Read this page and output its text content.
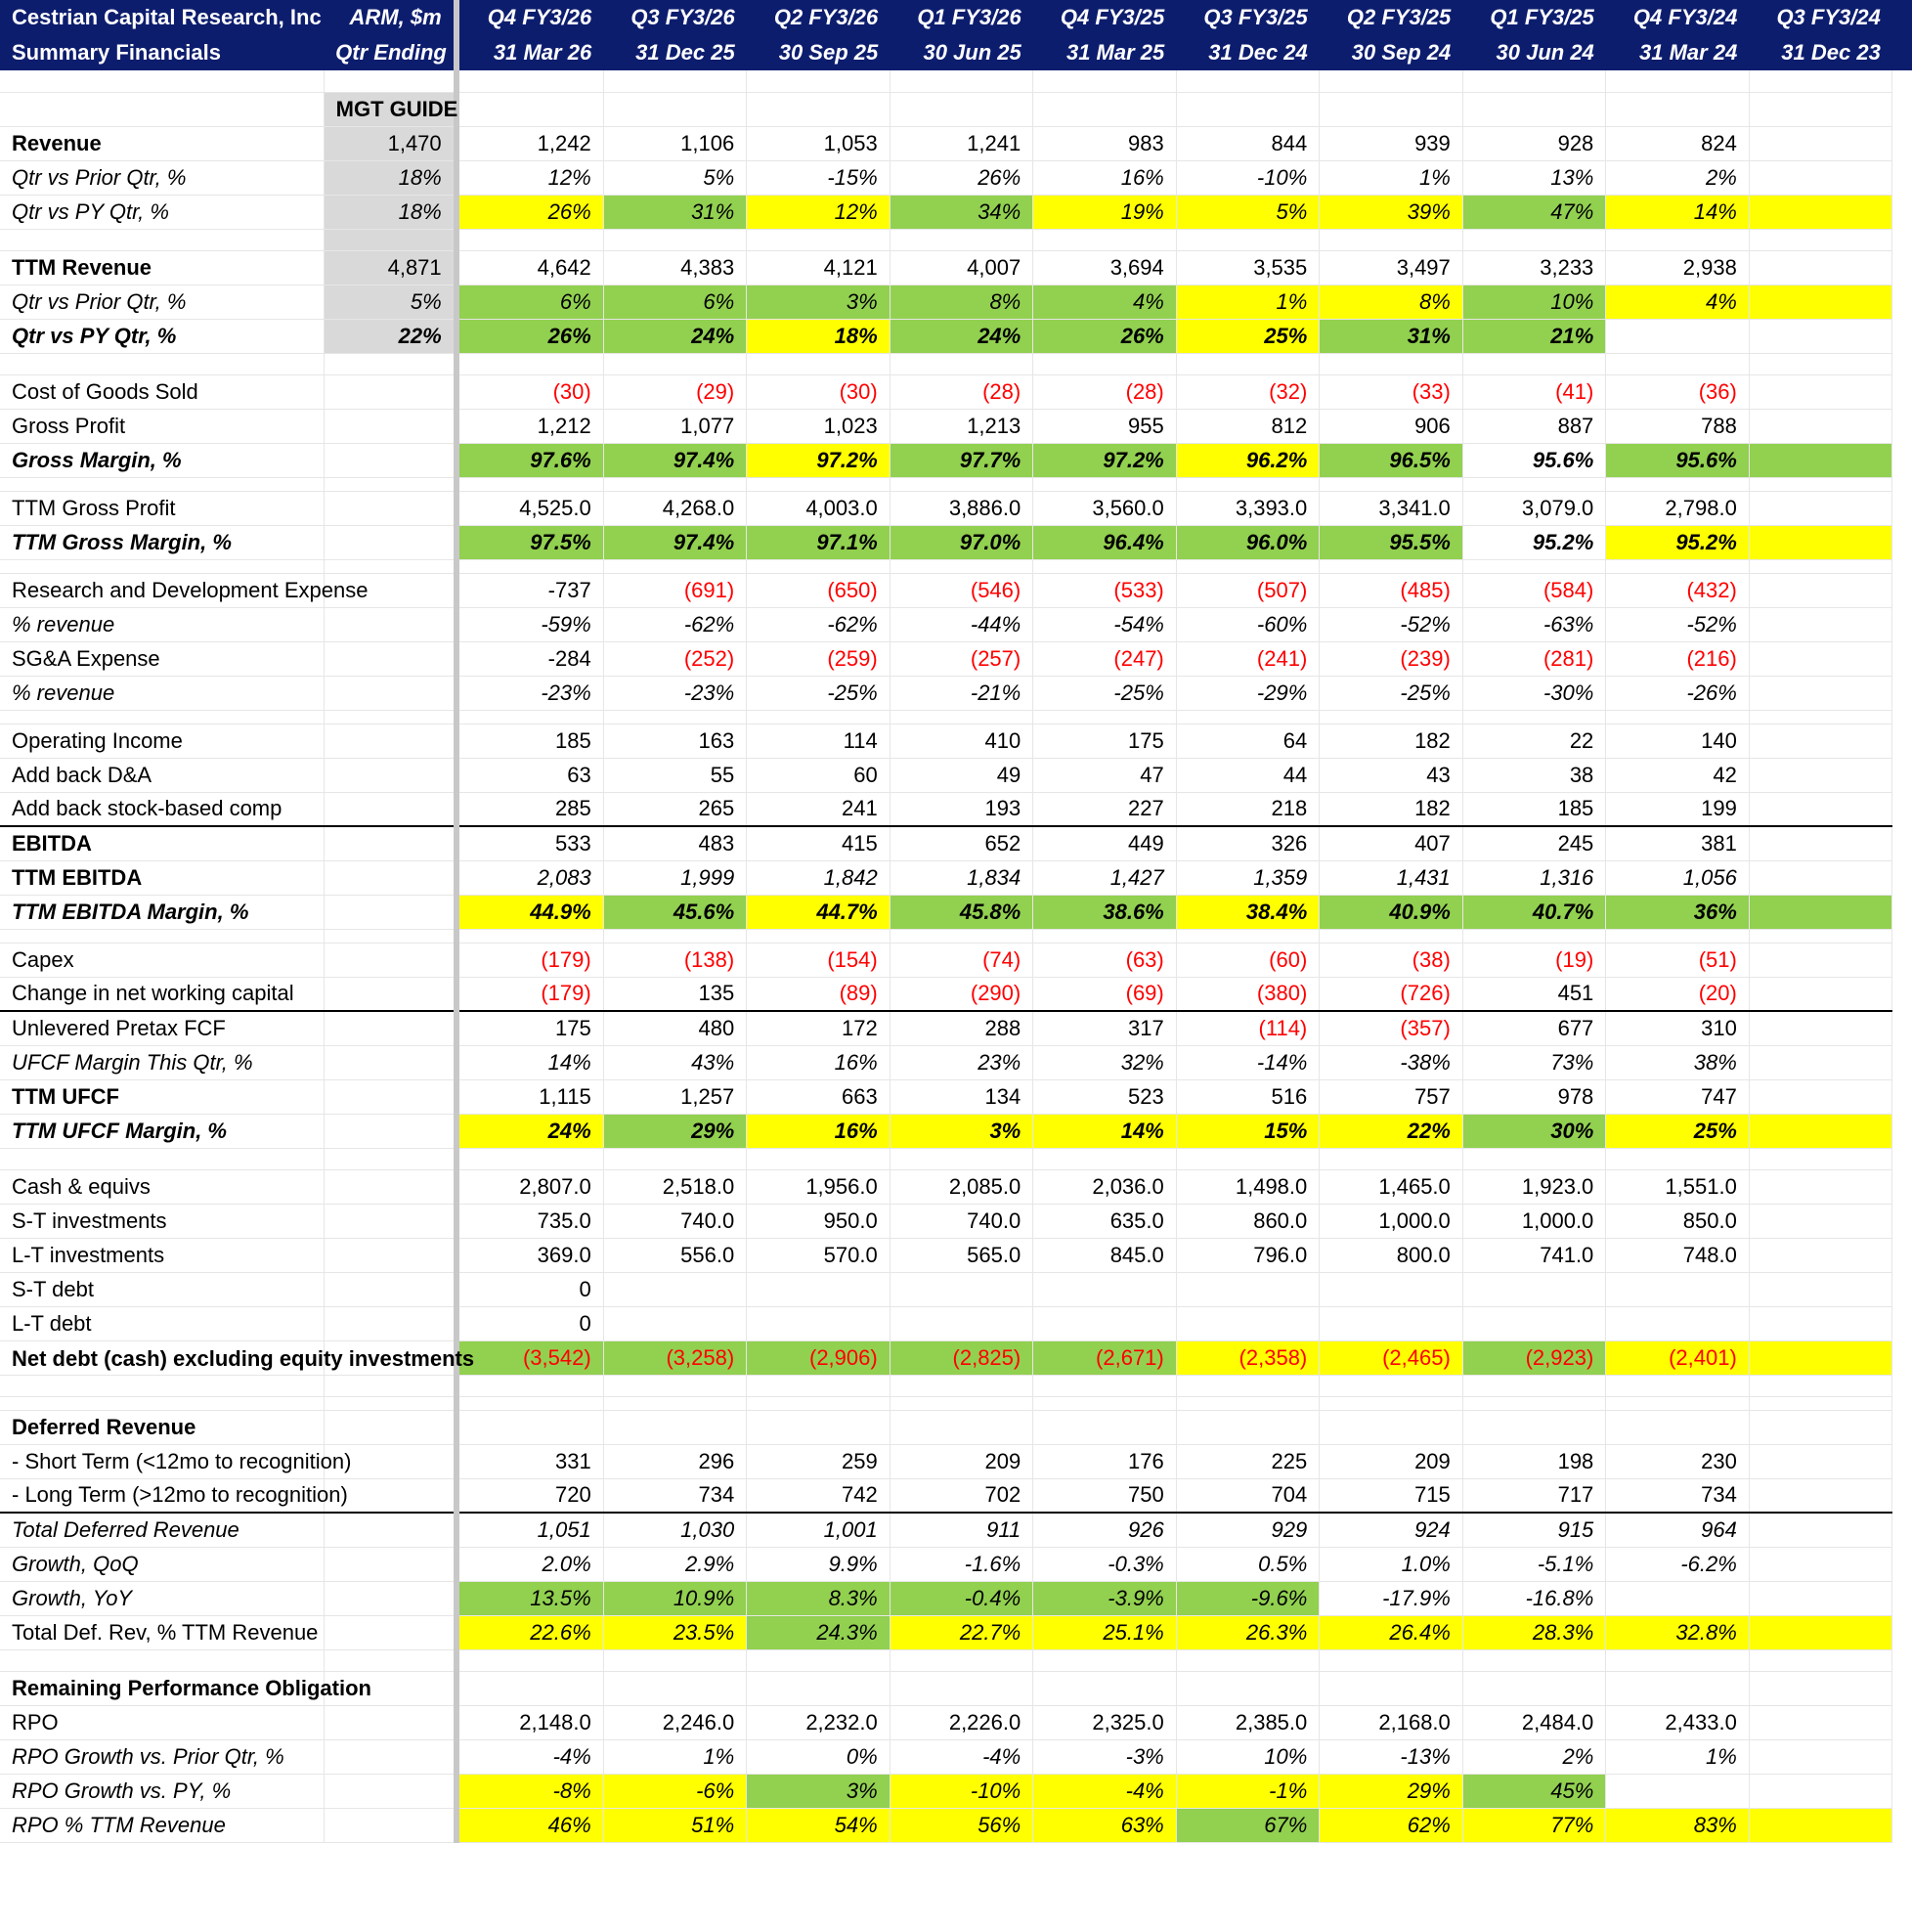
Cestrian Capital Research, Inc	ARM, $m	Q4 FY3/26	Q3 FY3/26	Q2 FY3/26	Q1 FY3/26	Q4 FY3/25	Q3 FY3/25	Q2 FY3/25	Q1 FY3/25	Q4 FY3/24	Q3 FY3/24	
Summary Financials	Qtr Ending	31 Mar 26	31 Dec 25	30 Sep 25	30 Jun 25	31 Mar 25	31 Dec 24	30 Sep 24	30 Jun 24	31 Mar 24	31 Dec 23	

	MGT GUIDE											
Revenue	1,470	1,242	1,106	1,053	1,241	983	844	939	928	824		
Qtr vs Prior Qtr, %	18%	12%	5%	-15%	26%	16%	-10%	1%	13%	2%		
Qtr vs PY Qtr, %	18%	26%	31%	12%	34%	19%	5%	39%	47%	14%		

TTM Revenue	4,871	4,642	4,383	4,121	4,007	3,694	3,535	3,497	3,233	2,938		
Qtr vs Prior Qtr, %	5%	6%	6%	3%	8%	4%	1%	8%	10%	4%		
Qtr vs PY Qtr, %	22%	26%	24%	18%	24%	26%	25%	31%	21%			

Cost of Goods Sold		(30)	(29)	(30)	(28)	(28)	(32)	(33)	(41)	(36)		
Gross Profit		1,212	1,077	1,023	1,213	955	812	906	887	788		
Gross Margin, %		97.6%	97.4%	97.2%	97.7%	97.2%	96.2%	96.5%	95.6%	95.6%		

TTM Gross Profit		4,525.0	4,268.0	4,003.0	3,886.0	3,560.0	3,393.0	3,341.0	3,079.0	2,798.0		
TTM Gross Margin, %		97.5%	97.4%	97.1%	97.0%	96.4%	96.0%	95.5%	95.2%	95.2%		

Research and Development Expense		-737	(691)	(650)	(546)	(533)	(507)	(485)	(584)	(432)		
% revenue		-59%	-62%	-62%	-44%	-54%	-60%	-52%	-63%	-52%		
SG&A Expense		-284	(252)	(259)	(257)	(247)	(241)	(239)	(281)	(216)		
% revenue		-23%	-23%	-25%	-21%	-25%	-29%	-25%	-30%	-26%		

Operating Income		185	163	114	410	175	64	182	22	140		
Add back D&A		63	55	60	49	47	44	43	38	42		
Add back stock-based comp		285	265	241	193	227	218	182	185	199		
EBITDA		533	483	415	652	449	326	407	245	381		
TTM EBITDA		2,083	1,999	1,842	1,834	1,427	1,359	1,431	1,316	1,056		
TTM EBITDA Margin, %		44.9%	45.6%	44.7%	45.8%	38.6%	38.4%	40.9%	40.7%	36%		

Capex		(179)	(138)	(154)	(74)	(63)	(60)	(38)	(19)	(51)		
Change in net working capital		(179)	135	(89)	(290)	(69)	(380)	(726)	451	(20)		
Unlevered Pretax FCF		175	480	172	288	317	(114)	(357)	677	310		
UFCF Margin This Qtr, %		14%	43%	16%	23%	32%	-14%	-38%	73%	38%		
TTM UFCF		1,115	1,257	663	134	523	516	757	978	747		
TTM UFCF Margin, %		24%	29%	16%	3%	14%	15%	22%	30%	25%		

Cash & equivs		2,807.0	2,518.0	1,956.0	2,085.0	2,036.0	1,498.0	1,465.0	1,923.0	1,551.0		
S-T investments		735.0	740.0	950.0	740.0	635.0	860.0	1,000.0	1,000.0	850.0		
L-T investments		369.0	556.0	570.0	565.0	845.0	796.0	800.0	741.0	748.0		
S-T debt		0										
L-T debt		0										

Net debt (cash) excluding equity investments		(3,542)	(3,258)	(2,906)	(2,825)	(2,671)	(2,358)	(2,465)	(2,923)	(2,401)		

Deferred Revenue												
- Short Term (<12mo to recognition)		331	296	259	209	176	225	209	198	230		
- Long Term (>12mo to recognition)		720	734	742	702	750	704	715	717	734		
Total Deferred Revenue		1,051	1,030	1,001	911	926	929	924	915	964		
Growth, QoQ		2.0%	2.9%	9.9%	-1.6%	-0.3%	0.5%	1.0%	-5.1%	-6.2%		
Growth, YoY		13.5%	10.9%	8.3%	-0.4%	-3.9%	-9.6%	-17.9%	-16.8%			
Total Def. Rev, % TTM Revenue		22.6%	23.5%	24.3%	22.7%	25.1%	26.3%	26.4%	28.3%	32.8%		

Remaining Performance Obligation												
RPO		2,148.0	2,246.0	2,232.0	2,226.0	2,325.0	2,385.0	2,168.0	2,484.0	2,433.0		
RPO Growth vs. Prior Qtr, %		-4%	1%	0%	-4%	-3%	10%	-13%	2%	1%		
RPO Growth vs. PY, %		-8%	-6%	3%	-10%	-4%	-1%	29%	45%			
RPO % TTM Revenue		46%	51%	54%	56%	63%	67%	62%	77%	83%		
